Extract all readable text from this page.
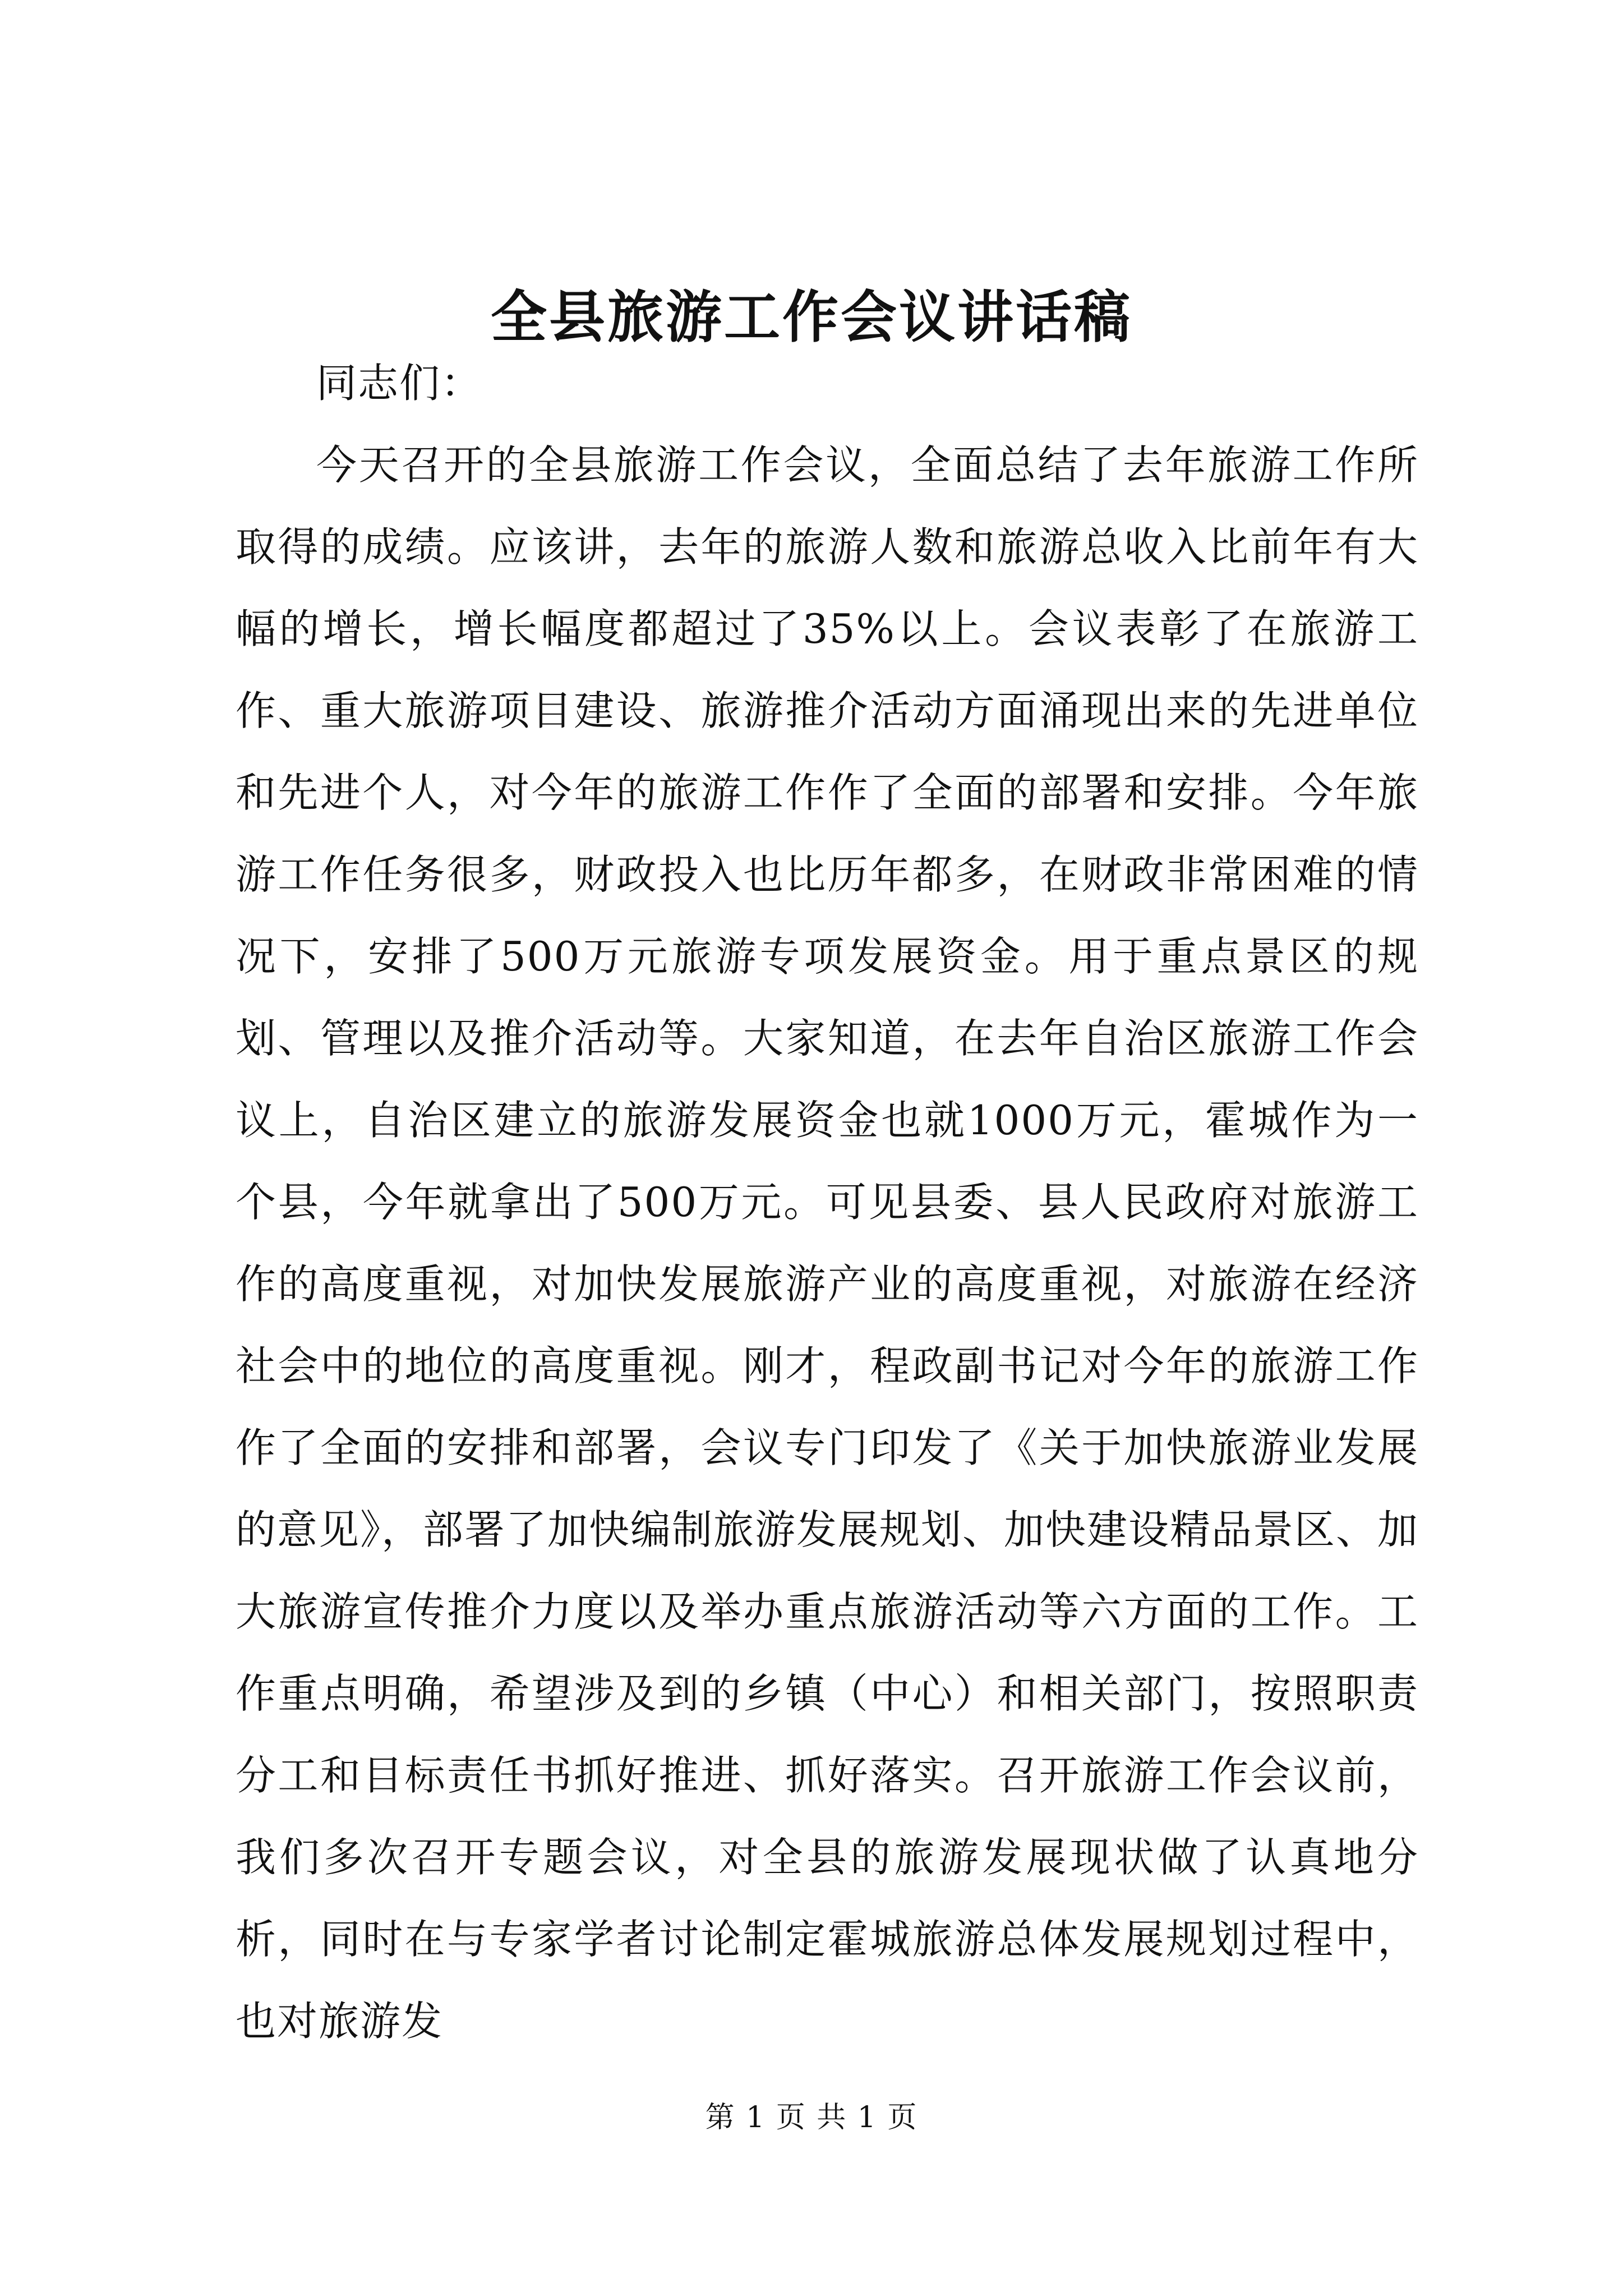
全县旅游工作会议讲话稿

同志们：

今天召开的全县旅游工作会议，全面总结了去年旅游工作所取得的成绩。应该讲，去年的旅游人数和旅游总收入比前年有大幅的增长，增长幅度都超过了35%以上。会议表彰了在旅游工作、重大旅游项目建设、旅游推介活动方面涌现出来的先进单位和先进个人，对今年的旅游工作作了全面的部署和安排。今年旅游工作任务很多，财政投入也比历年都多，在财政非常困难的情况下，安排了500万元旅游专项发展资金。用于重点景区的规划、管理以及推介活动等。大家知道，在去年自治区旅游工作会议上，自治区建立的旅游发展资金也就1000万元，霍城作为一个县，今年就拿出了500万元。可见县委、县人民政府对旅游工作的高度重视，对加快发展旅游产业的高度重视，对旅游在经济社会中的地位的高度重视。刚才，程政副书记对今年的旅游工作作了全面的安排和部署，会议专门印发了《关于加快旅游业发展的意见》，部署了加快编制旅游发展规划、加快建设精品景区、加大旅游宣传推介力度以及举办重点旅游活动等六方面的工作。工作重点明确，希望涉及到的乡镇（中心）和相关部门，按照职责分工和目标责任书抓好推进、抓好落实。召开旅游工作会议前，我们多次召开专题会议，对全县的旅游发展现状做了认真地分析，同时在与专家学者讨论制定霍城旅游总体发展规划过程中，也对旅游发

第 1 页 共 1 页
